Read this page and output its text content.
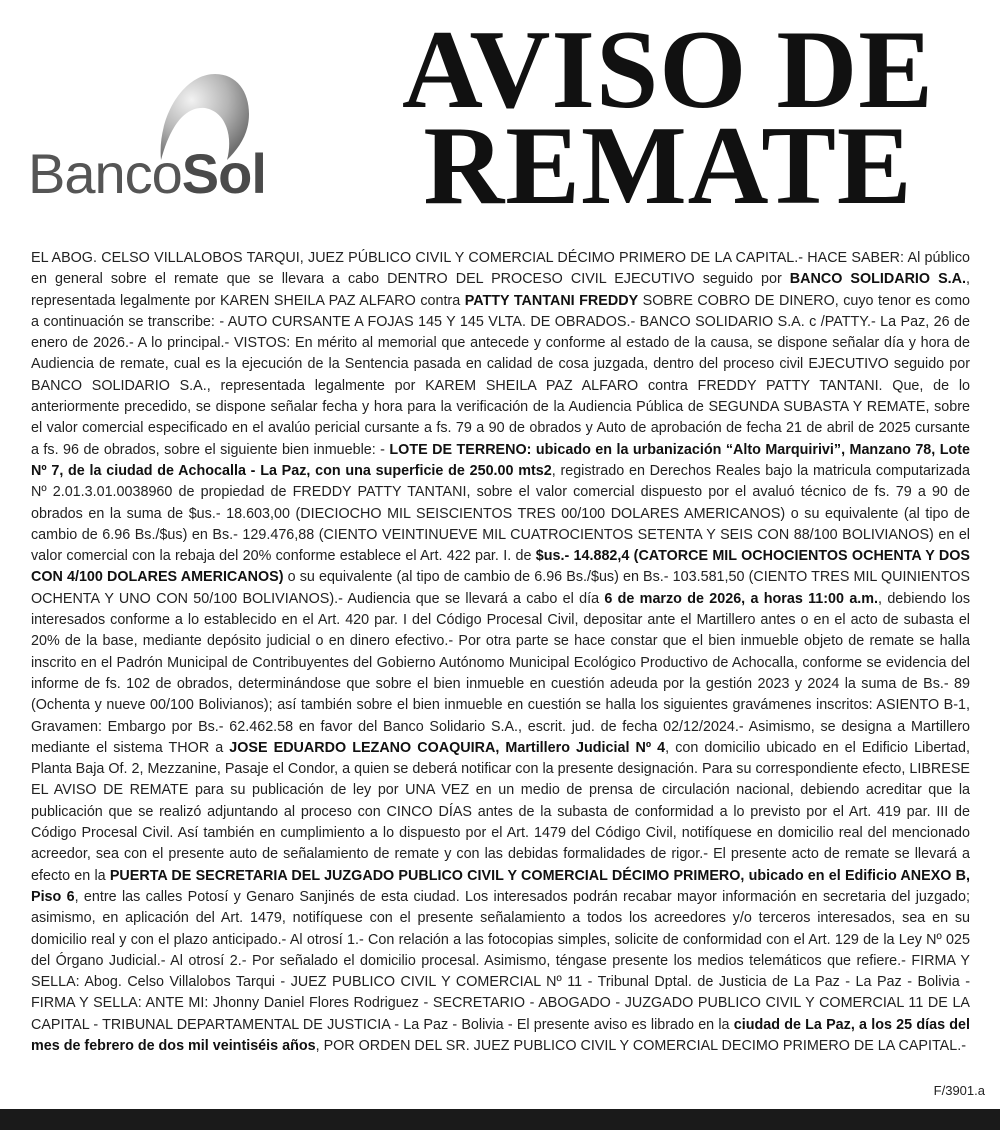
BancoSol
AVISO DE
REMATE
EL ABOG. CELSO VILLALOBOS TARQUI, JUEZ PÚBLICO CIVIL Y COMERCIAL DÉCIMO PRIMERO DE LA CAPITAL.- HACE SABER: Al público en general sobre el remate que se llevara a cabo DENTRO DEL PROCESO CIVIL EJECUTIVO seguido por BANCO SOLIDARIO S.A., representada legalmente por KAREN SHEILA PAZ ALFARO contra PATTY TANTANI FREDDY SOBRE COBRO DE DINERO, cuyo tenor es como a continuación se transcribe: - AUTO CURSANTE A FOJAS 145 Y 145 VLTA. DE OBRADOS.- BANCO SOLIDARIO S.A. c /PATTY.- La Paz, 26 de enero de 2026.- A lo principal.- VISTOS: En mérito al memorial que antecede y conforme al estado de la causa, se dispone señalar día y hora de Audiencia de remate, cual es la ejecución de la Sentencia pasada en calidad de cosa juzgada, dentro del proceso civil EJECUTIVO seguido por BANCO SOLIDARIO S.A., representada legalmente por KAREM SHEILA PAZ ALFARO contra FREDDY PATTY TANTANI. Que, de lo anteriormente precedido, se dispone señalar fecha y hora para la verificación de la Audiencia Pública de SEGUNDA SUBASTA Y REMATE, sobre el valor comercial especificado en el avalúo pericial cursante a fs. 79 a 90 de obrados y Auto de aprobación de fecha 21 de abril de 2025 cursante a fs. 96 de obrados, sobre el siguiente bien inmueble: - LOTE DE TERRENO: ubicado en la urbanización “Alto Marquirivi”, Manzano 78, Lote Nº 7, de la ciudad de Achocalla - La Paz, con una superficie de 250.00 mts2, registrado en Derechos Reales bajo la matricula computarizada Nº 2.01.3.01.0038960 de propiedad de FREDDY PATTY TANTANI, sobre el valor comercial dispuesto por el avaluó técnico de fs. 79 a 90 de obrados en la suma de $us.- 18.603,00 (DIECIOCHO MIL SEISCIENTOS TRES 00/100 DOLARES AMERICANOS) o su equivalente (al tipo de cambio de 6.96 Bs./$us) en Bs.- 129.476,88 (CIENTO VEINTINUEVE MIL CUATROCIENTOS SETENTA Y SEIS CON 88/100 BOLIVIANOS) en el valor comercial con la rebaja del 20% conforme establece el Art. 422 par. I. de $us.- 14.882,4 (CATORCE MIL OCHOCIENTOS OCHENTA Y DOS CON 4/100 DOLARES AMERICANOS) o su equivalente (al tipo de cambio de 6.96 Bs./$us) en Bs.- 103.581,50 (CIENTO TRES MIL QUINIENTOS OCHENTA Y UNO CON 50/100 BOLIVIANOS).- Audiencia que se llevará a cabo el día 6 de marzo de 2026, a horas 11:00 a.m., debiendo los interesados conforme a lo establecido en el Art. 420 par. I del Código Procesal Civil, depositar ante el Martillero antes o en el acto de subasta el 20% de la base, mediante depósito judicial o en dinero efectivo.- Por otra parte se hace constar que el bien inmueble objeto de remate se halla inscrito en el Padrón Municipal de Contribuyentes del Gobierno Autónomo Municipal Ecológico Productivo de Achocalla, conforme se evidencia del informe de fs. 102 de obrados, determinándose que sobre el bien inmueble en cuestión adeuda por la gestión 2023 y 2024 la suma de Bs.- 89 (Ochenta y nueve 00/100 Bolivianos); así también sobre el bien inmueble en cuestión se halla los siguientes gravámenes inscritos: ASIENTO B-1, Gravamen: Embargo por Bs.- 62.462.58 en favor del Banco Solidario S.A., escrit. jud. de fecha 02/12/2024.- Asimismo, se designa a Martillero mediante el sistema THOR a JOSE EDUARDO LEZANO COAQUIRA, Martillero Judicial Nº 4, con domicilio ubicado en el Edificio Libertad, Planta Baja Of. 2, Mezzanine, Pasaje el Condor, a quien se deberá notificar con la presente designación. Para su correspondiente efecto, LIBRESE EL AVISO DE REMATE para su publicación de ley por UNA VEZ en un medio de prensa de circulación nacional, debiendo acreditar que la publicación que se realizó adjuntando al proceso con CINCO DÍAS antes de la subasta de conformidad a lo previsto por el Art. 419 par. III de Código Procesal Civil. Así también en cumplimiento a lo dispuesto por el Art. 1479 del Código Civil, notifíquese en domicilio real del mencionado acreedor, sea con el presente auto de señalamiento de remate y con las debidas formalidades de rigor.- El presente acto de remate se llevará a efecto en la PUERTA DE SECRETARIA DEL JUZGADO PUBLICO CIVIL Y COMERCIAL DÉCIMO PRIMERO, ubicado en el Edificio ANEXO B, Piso 6, entre las calles Potosí y Genaro Sanjinés de esta ciudad. Los interesados podrán recabar mayor información en secretaria del juzgado; asimismo, en aplicación del Art. 1479, notifíquese con el presente señalamiento a todos los acreedores y/o terceros interesados, sea en su domicilio real y con el plazo anticipado.- Al otrosí 1.- Con relación a las fotocopias simples, solicite de conformidad con el Art. 129 de la Ley Nº 025 del Órgano Judicial.- Al otrosí 2.- Por señalado el domicilio procesal. Asimismo, téngase presente los medios telemáticos que refiere.- FIRMA Y SELLA: Abog. Celso Villalobos Tarqui - JUEZ PUBLICO CIVIL Y COMERCIAL Nº 11 - Tribunal Dptal. de Justicia de La Paz - La Paz - Bolivia - FIRMA Y SELLA: ANTE MI: Jhonny Daniel Flores Rodriguez - SECRETARIO - ABOGADO - JUZGADO PUBLICO CIVIL Y COMERCIAL 11 DE LA CAPITAL - TRIBUNAL DEPARTAMENTAL DE JUSTICIA - La Paz - Bolivia - El presente aviso es librado en la ciudad de La Paz, a los 25 días del mes de febrero de dos mil veintiséis años, POR ORDEN DEL SR. JUEZ PUBLICO CIVIL Y COMERCIAL DECIMO PRIMERO DE LA CAPITAL.-
F/3901.a
